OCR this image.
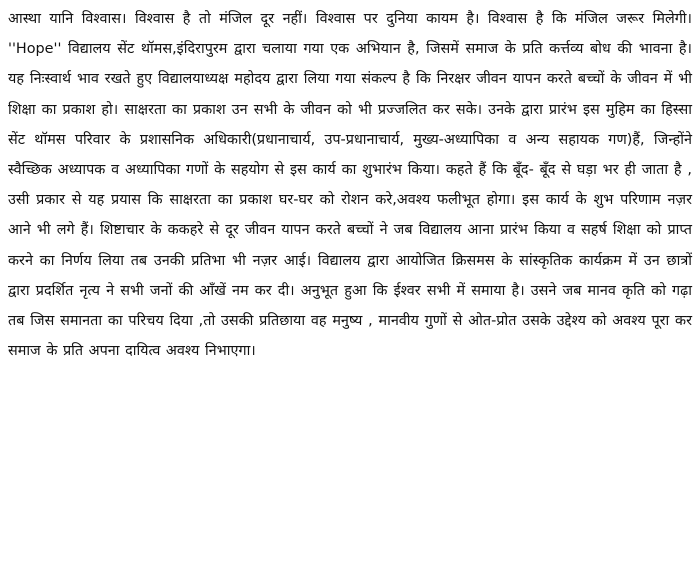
आस्था यानि विश्वास। विश्वास है तो मंजिल दूर नहीं। विश्वास पर दुनिया कायम है। विश्वास है कि मंजिल जरूर मिलेगी। ''Hope'' विद्यालय सेंट थॉमस,इंदिरापुरम द्वारा चलाया गया एक अभियान है, जिसमें समाज के प्रति कर्त्तव्य बोध की भावना है। यह निःस्वार्थ भाव रखते हुए विद्यालयाध्यक्ष महोदय द्वारा लिया गया संकल्प है कि निरक्षर जीवन यापन करते बच्चों के जीवन में भी शिक्षा का प्रकाश हो। साक्षरता का प्रकाश उन सभी के जीवन को भी प्रज्जलित कर सके। उनके द्वारा प्रारंभ इस मुहिम का हिस्सा सेंट थॉमस परिवार के प्रशासनिक अधिकारी(प्रधानाचार्य, उप-प्रधानाचार्य, मुख्य-अध्यापिका व अन्य सहायक गण)हैं, जिन्होंने स्वैच्छिक अध्यापक व अध्यापिका गणों के सहयोग से इस कार्य का शुभारंभ किया। कहते हैं कि बूँद- बूँद से घड़ा भर ही जाता है , उसी प्रकार से यह प्रयास कि साक्षरता का प्रकाश घर-घर को रोशन करे,अवश्य फलीभूत होगा। इस कार्य के शुभ परिणाम नज़र आने भी लगे हैं। शिष्टाचार के ककहरे से दूर जीवन यापन करते बच्चों ने जब विद्यालय आना प्रारंभ किया व सहर्ष शिक्षा को प्राप्त करने का निर्णय लिया तब उनकी प्रतिभा भी नज़र आई। विद्यालय द्वारा आयोजित क्रिसमस के सांस्कृतिक कार्यक्रम में उन छात्रों द्वारा प्रदर्शित नृत्य ने सभी जनों की आँखें नम कर दी। अनुभूत हुआ कि ईश्वर सभी में समाया है। उसने जब मानव कृति को गढ़ा तब जिस समानता का परिचय दिया ,तो उसकी प्रतिछाया वह मनुष्य , मानवीय गुणों से ओत-प्रोत उसके उद्देश्य को अवश्य पूरा कर समाज के प्रति अपना दायित्व अवश्य निभाएगा।
